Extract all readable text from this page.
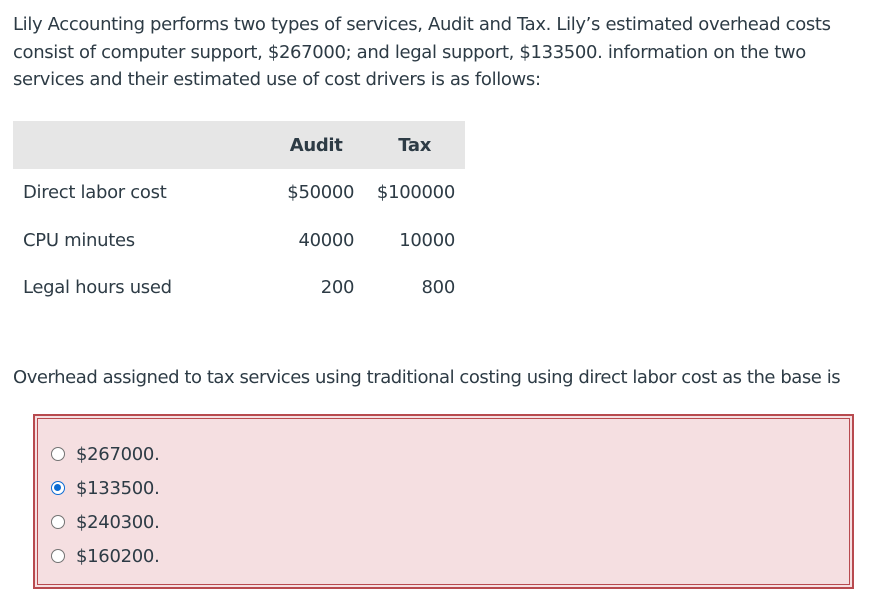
Lily Accounting performs two types of services, Audit and Tax. Lily’s estimated overhead costs consist of computer support, $267000; and legal support, $133500. information on the two services and their estimated use of cost drivers is as follows:

	Audit	Tax
Direct labor cost	$50000	$100000
CPU minutes	40000	10000
Legal hours used	200	800

Overhead assigned to tax services using traditional costing using direct labor cost as the base is

$267000.
$133500.
$240300.
$160200.
